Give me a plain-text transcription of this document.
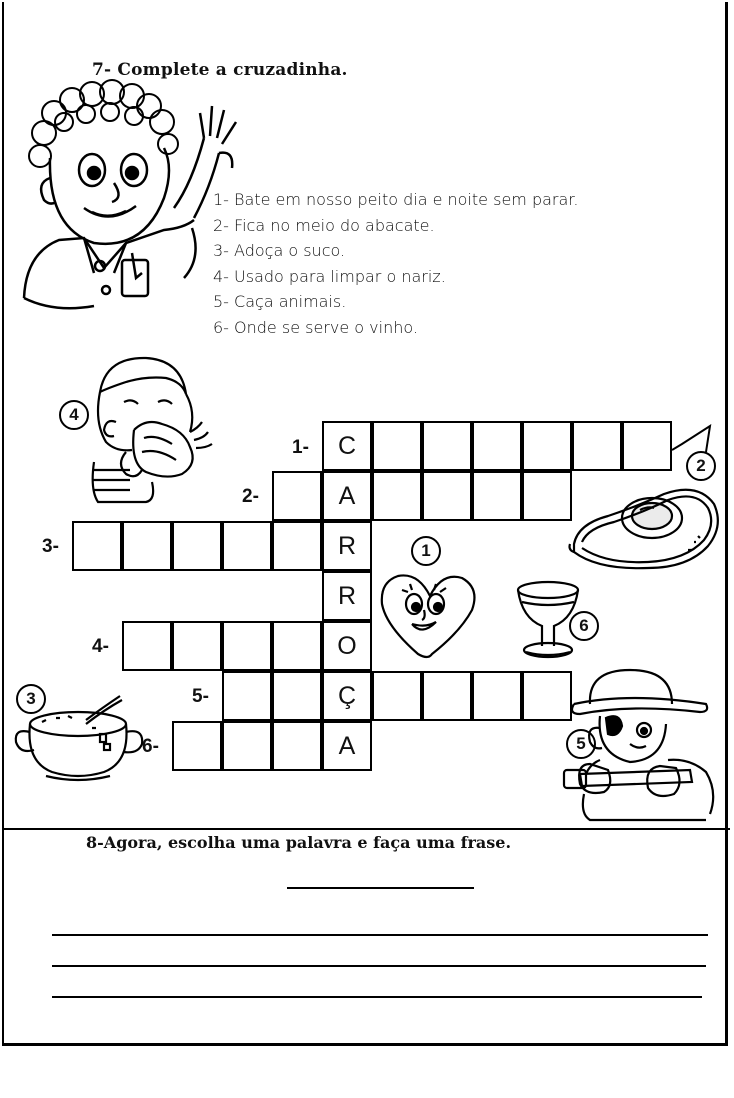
7- Complete a cruzadinha.
1- Bate em nosso peito dia e noite sem parar.
2- Fica no meio do abacate.
3- Adoça o suco.
4- Usado para limpar o nariz.
5- Caça animais.
6- Onde se serve o vinho.
1-
2-
3-
4-
5-
6-
C
A
R
R
O
Ç
A
4
2
1
6
3
5
8-Agora, escolha uma palavra e faça uma frase.
